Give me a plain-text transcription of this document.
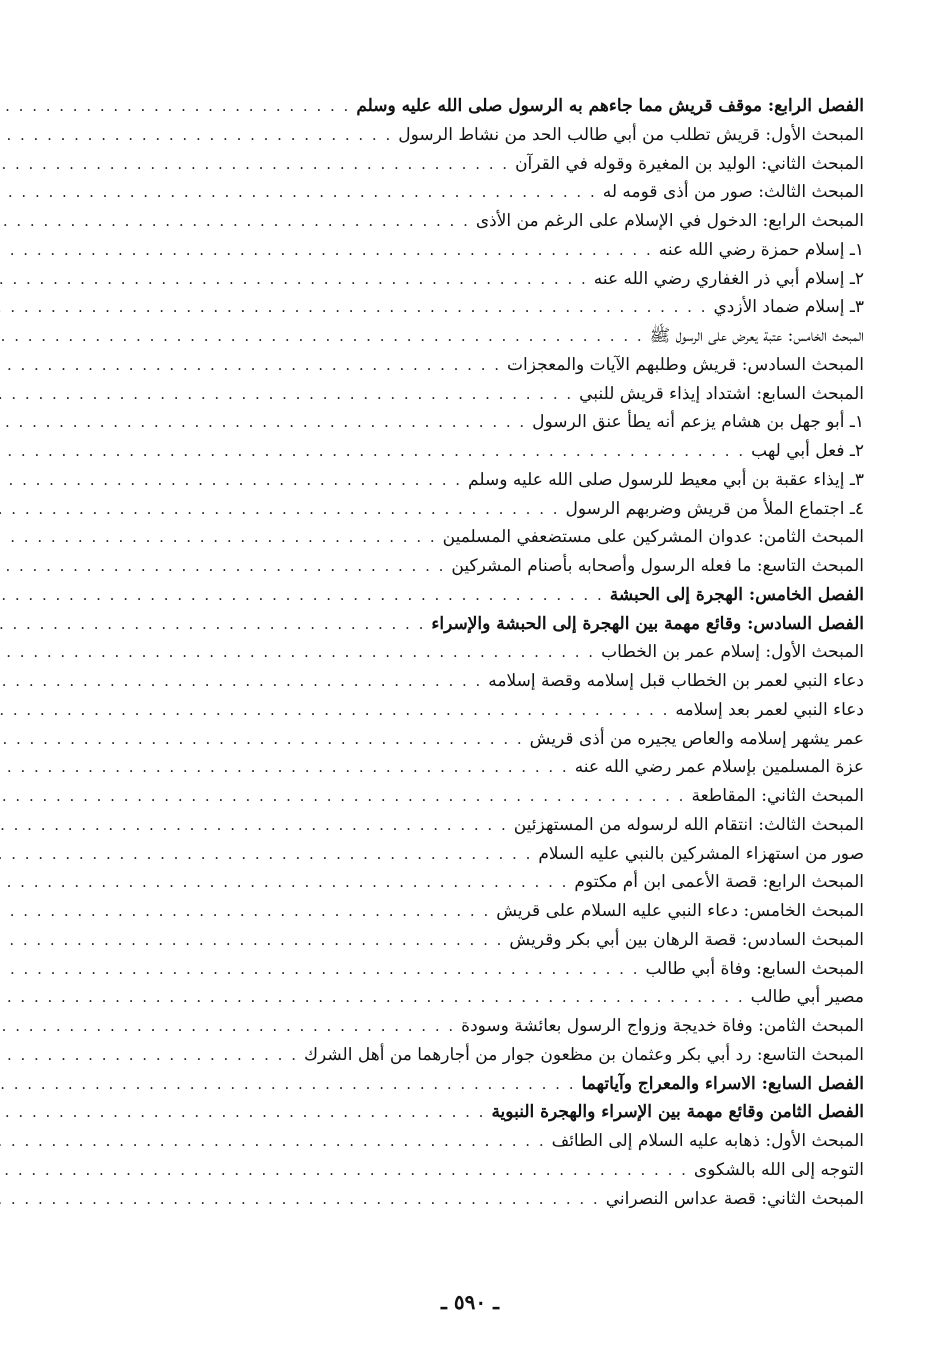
الفصل الرابع: موقف قريش مما جاءهم به الرسول صلى الله عليه وسلم
. . .
المبحث الأول: قريش تطلب من أبي طالب الحد من نشاط الرسول
. . .
المبحث الثاني: الوليد بن المغيرة وقوله في القرآن
. . .
المبحث الثالث: صور من أذى قومه له
. . .
المبحث الرابع: الدخول في الإسلام على الرغم من الأذى
. . .
١ـ إسلام حمزة رضي الله عنه
. . .
٢ـ إسلام أبي ذر الغفاري رضي الله عنه
. . .
٣ـ إسلام ضماد الأزدي
. . .
المبحث الخامس: عتبة يعرض على الرسول ﷺ
. . .
المبحث السادس: قريش وطلبهم الآيات والمعجزات
. . .
المبحث السابع: اشتداد إيذاء قريش للنبي
. . .
١ـ أبو جهل بن هشام يزعم أنه يطأ عنق الرسول
. . .
٢ـ فعل أبي لهب
. . .
٣ـ إيذاء عقبة بن أبي معيط للرسول صلى الله عليه وسلم
. . .
٤ـ اجتماع الملأ من قريش وضربهم الرسول
. . .
المبحث الثامن: عدوان المشركين على مستضعفي المسلمين
. . .
المبحث التاسع: ما فعله الرسول وأصحابه بأصنام المشركين
. . .
الفصل الخامس: الهجرة إلى الحبشة
. . .
الفصل السادس: وقائع مهمة بين الهجرة إلى الحبشة والإسراء
. . .
المبحث الأول: إسلام عمر بن الخطاب
. . .
دعاء النبي لعمر بن الخطاب قبل إسلامه وقصة إسلامه
. . .
دعاء النبي لعمر بعد إسلامه
. . .
عمر يشهر إسلامه والعاص يجيره من أذى قريش
. . .
عزة المسلمين بإسلام عمر رضي الله عنه
. . .
المبحث الثاني: المقاطعة
. . .
المبحث الثالث: انتقام الله لرسوله من المستهزئين
. . .
صور من استهزاء المشركين بالنبي عليه السلام
. . .
المبحث الرابع: قصة الأعمى ابن أم مكتوم
. . .
المبحث الخامس: دعاء النبي عليه السلام على قريش
. . .
المبحث السادس: قصة الرهان بين أبي بكر وقريش
. . .
المبحث السابع: وفاة أبي طالب
. . .
مصير أبي طالب
. . .
المبحث الثامن: وفاة خديجة وزواج الرسول بعائشة وسودة
. . .
المبحث التاسع: رد أبي بكر وعثمان بن مظعون جوار من أجارهما من أهل الشرك
. . .
الفصل السابع: الاسراء والمعراج وآياتهما
. . .
الفصل الثامن وقائع مهمة بين الإسراء والهجرة النبوية
. . .
المبحث الأول: ذهابه عليه السلام إلى الطائف
. . .
التوجه إلى الله بالشكوى
. . .
المبحث الثاني: قصة عداس النصراني
. . .
ـ ٥٩٠ ـ
